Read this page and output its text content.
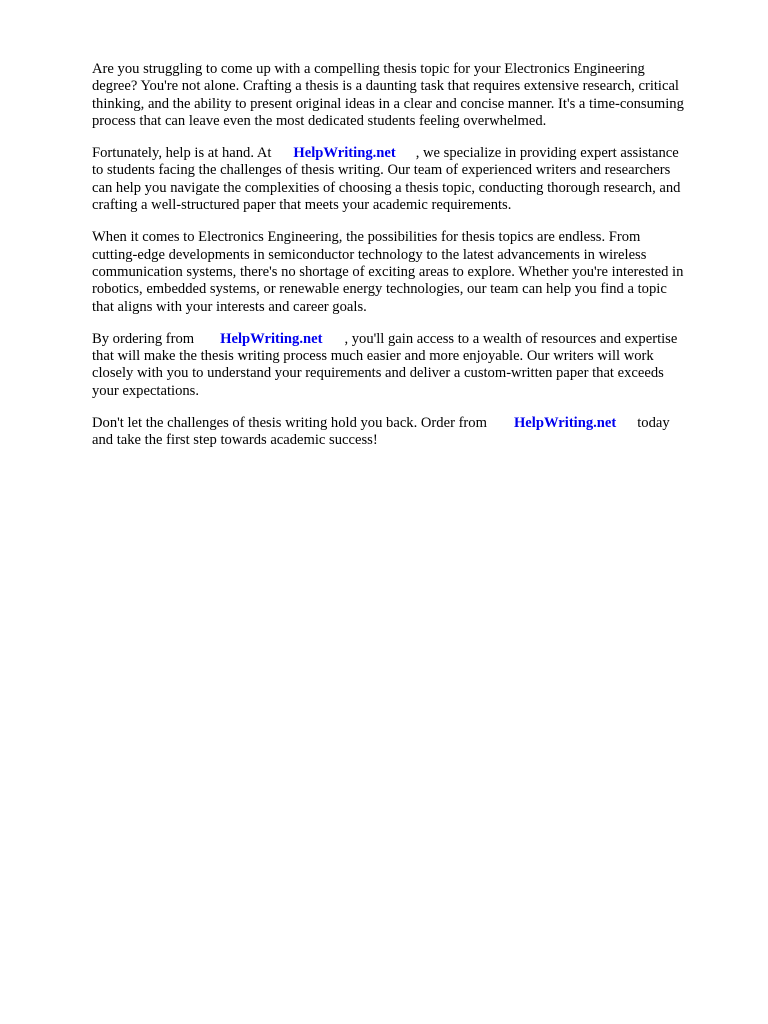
Are you struggling to come up with a compelling thesis topic for your Electronics Engineering
degree? You're not alone. Crafting a thesis is a daunting task that requires extensive research, critical
thinking, and the ability to present original ideas in a clear and concise manner. It's a time-consuming
process that can leave even the most dedicated students feeling overwhelmed.

Fortunately, help is at hand. At HelpWriting.net , we specialize in providing expert assistance
to students facing the challenges of thesis writing. Our team of experienced writers and researchers
can help you navigate the complexities of choosing a thesis topic, conducting thorough research, and
crafting a well-structured paper that meets your academic requirements.

When it comes to Electronics Engineering, the possibilities for thesis topics are endless. From
cutting-edge developments in semiconductor technology to the latest advancements in wireless
communication systems, there's no shortage of exciting areas to explore. Whether you're interested in
robotics, embedded systems, or renewable energy technologies, our team can help you find a topic
that aligns with your interests and career goals.

By ordering from HelpWriting.net , you'll gain access to a wealth of resources and expertise
that will make the thesis writing process much easier and more enjoyable. Our writers will work
closely with you to understand your requirements and deliver a custom-written paper that exceeds
your expectations.

Don't let the challenges of thesis writing hold you back. Order from HelpWriting.net today
and take the first step towards academic success!
